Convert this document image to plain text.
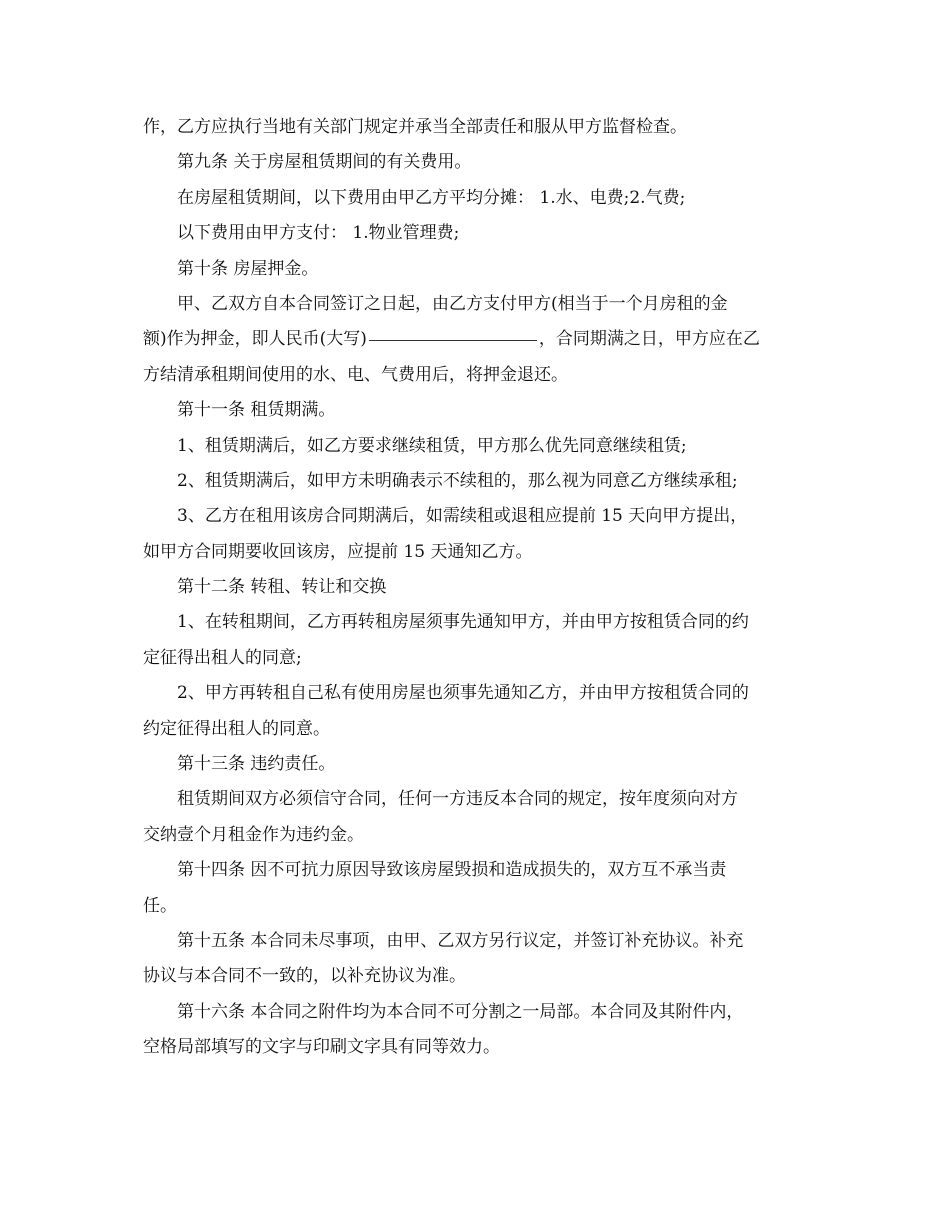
作，乙方应执行当地有关部门规定并承当全部责任和服从甲方监督检查。
第九条 关于房屋租赁期间的有关费用。
在房屋租赁期间，以下费用由甲乙方平均分摊： 1.水、电费;2.气费;
以下费用由甲方支付： 1.物业管理费;
第十条 房屋押金。
甲、乙双方自本合同签订之日起，由乙方支付甲方(相当于一个月房租的金
额)作为押金，即人民币(大写)	，合同期满之日，甲方应在乙
方结清承租期间使用的水、电、气费用后，将押金退还。
第十一条 租赁期满。
1、租赁期满后，如乙方要求继续租赁，甲方那么优先同意继续租赁;
2、租赁期满后，如甲方未明确表示不续租的，那么视为同意乙方继续承租;
3、乙方在租用该房合同期满后，如需续租或退租应提前 15 天向甲方提出，
如甲方合同期要收回该房，应提前 15 天通知乙方。
第十二条 转租、转让和交换
1、在转租期间，乙方再转租房屋须事先通知甲方，并由甲方按租赁合同的约
定征得出租人的同意;
2、甲方再转租自己私有使用房屋也须事先通知乙方，并由甲方按租赁合同的
约定征得出租人的同意。
第十三条 违约责任。
租赁期间双方必须信守合同，任何一方违反本合同的规定，按年度须向对方
交纳壹个月租金作为违约金。
第十四条 因不可抗力原因导致该房屋毁损和造成损失的，双方互不承当责
任。
第十五条 本合同未尽事项，由甲、乙双方另行议定，并签订补充协议。补充
协议与本合同不一致的，以补充协议为准。
第十六条 本合同之附件均为本合同不可分割之一局部。本合同及其附件内，
空格局部填写的文字与印刷文字具有同等效力。
